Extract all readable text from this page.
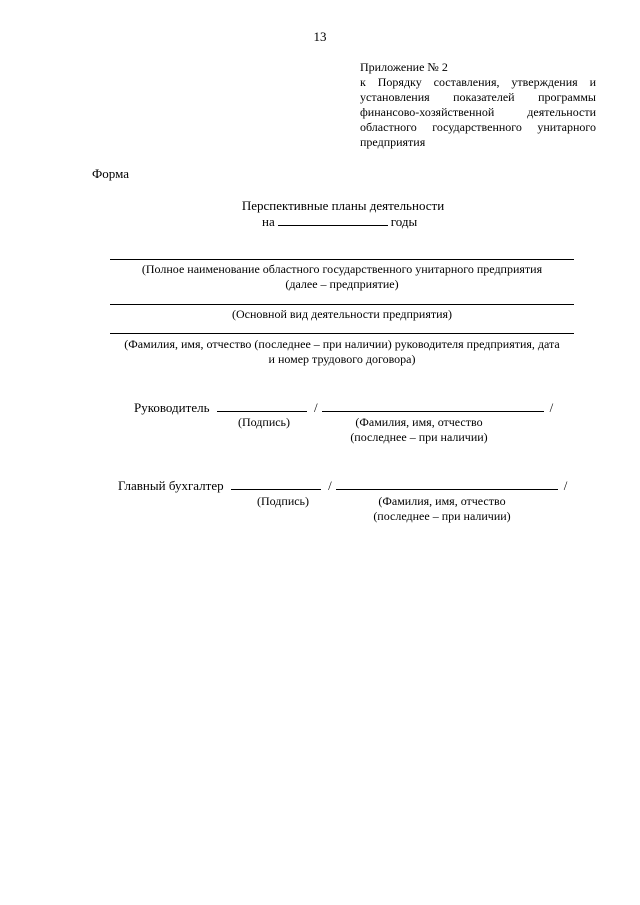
13
Приложение № 2
к Порядку составления, утверждения и установления показателей программы финансово-хозяйственной деятельности областного государственного унитарного предприятия
Форма
Перспективные планы деятельности
на	годы
(Полное наименование областного государственного унитарного предприятия
(далее – предприятие)
(Основной вид деятельности предприятия)
(Фамилия, имя, отчество (последнее – при наличии) руководителя предприятия, дата
и номер трудового договора)
Руководитель	/	/
(Подпись)	(Фамилия, имя, отчество
(последнее – при наличии)
Главный бухгалтер	/	/
(Подпись)	(Фамилия, имя, отчество
(последнее – при наличии)
